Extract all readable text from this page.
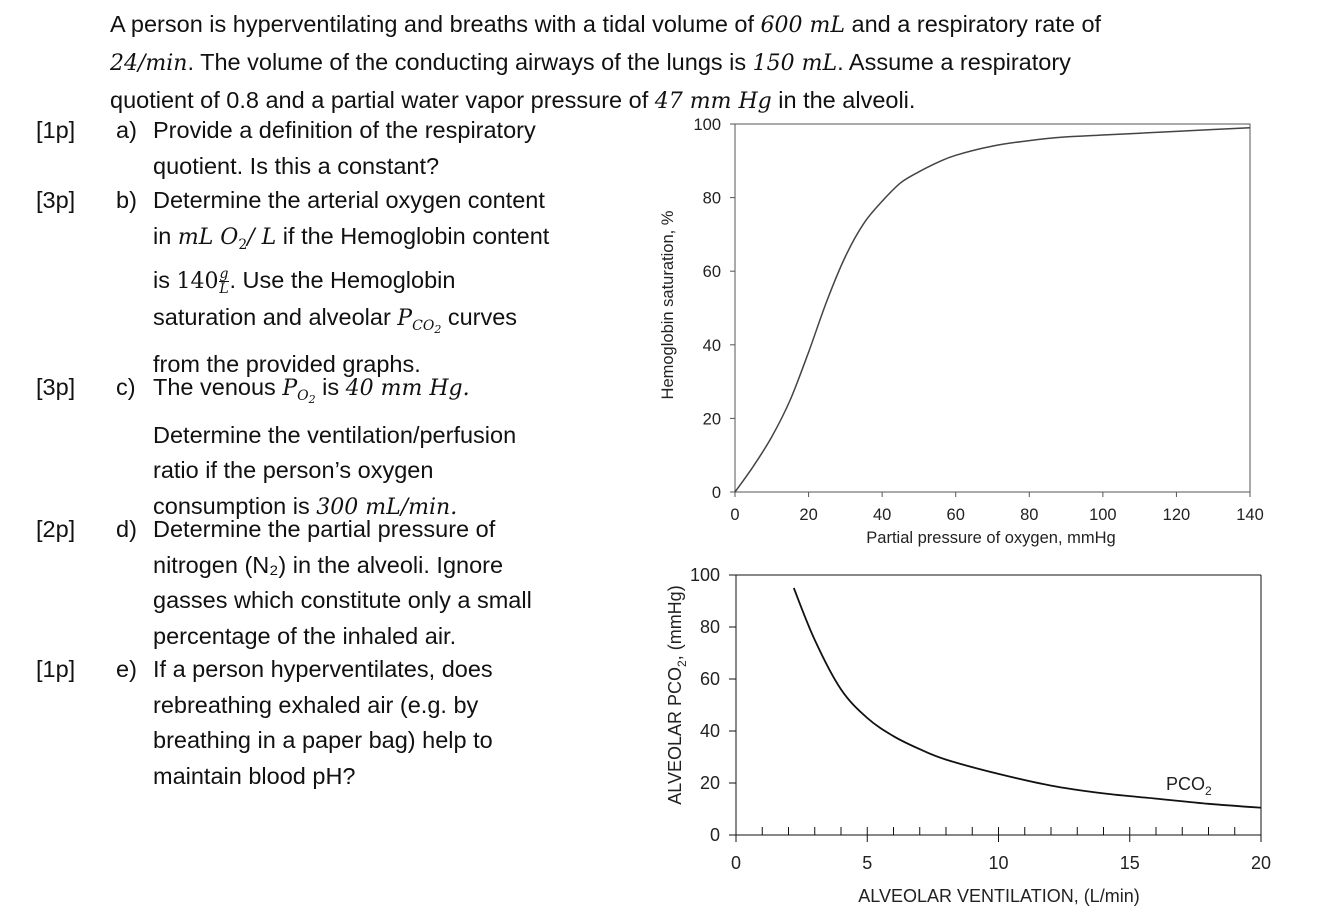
A person is hyperventilating and breaths with a tidal volume of 600 mL and a respiratory rate of
24/min. The volume of the conducting airways of the lungs is 150 mL. Assume a respiratory
quotient of 0.8 and a partial water vapor pressure of 47 mm Hg in the alveoli.
[1p] a) Provide a definition of the respiratory
quotient. Is this a constant?
[3p] b) Determine the arterial oxygen content
in mL $O_2/$ L if the Hemoglobin content
is $140 \frac{g}{L}$ . Use the Hemoglobin
saturation and alveolar $P_{CO_2}$ curves
from the provided graphs.
[3p] c) The venous $P_{O_2}$ is 40 mm Hg.
Determine the ventilation/perfusion
ratio if the person’s oxygen
consumption is 300 mL/min.
[2p] d) Determine the partial pressure of
nitrogen (N₂) in the alveoli. Ignore
gasses which constitute only a small
percentage of the inhaled air.
[1p] e) If a person hyperventilates, does
rebreathing exhaled air (e.g. by
breathing in a paper bag) help to
maintain blood pH?
0	20	40	60	80	100	120	140
0
20
40
60
80
100
Partial pressure of oxygen, mmHg
Hemoglobin saturation, %
0	5	10	15	20
0
20
40
60
80
100
$PCO_2$
ALVEOLAR VENTILATION, (L/min)
ALVEOLAR $PCO_2$, (mmHg)
